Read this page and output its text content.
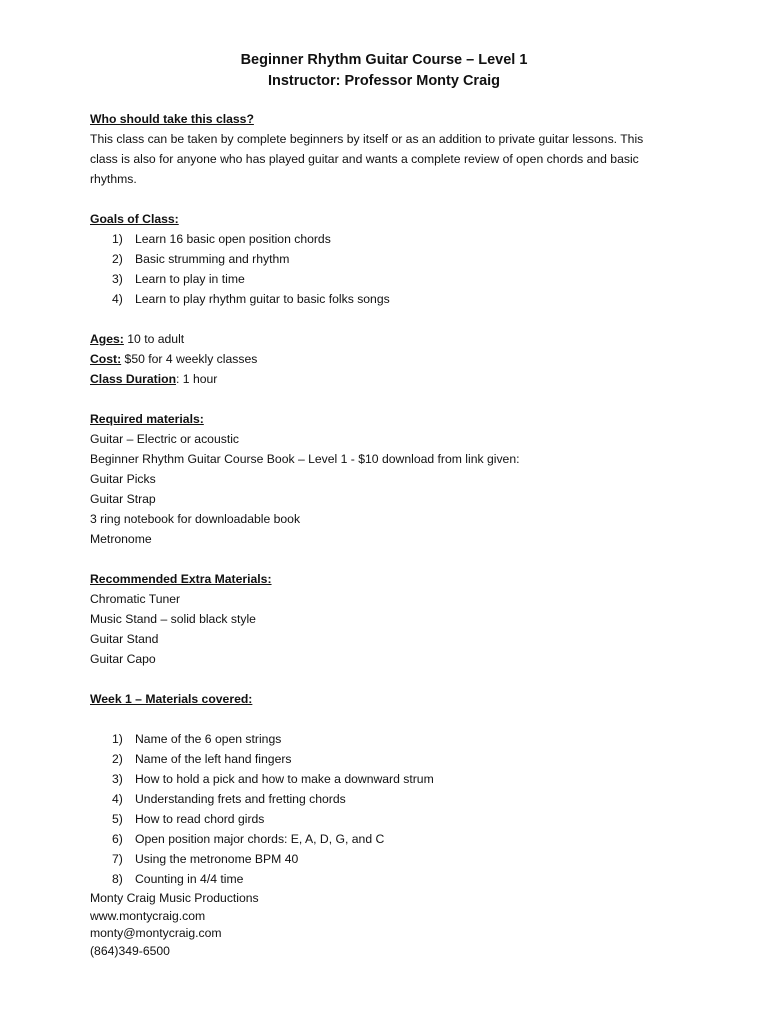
Beginner Rhythm Guitar Course – Level 1
Instructor: Professor Monty Craig
Who should take this class?
This class can be taken by complete beginners by itself or as an addition to private guitar lessons. This
class is also for anyone who has played guitar and wants a complete review of open chords and basic
rhythms.
Goals of Class:
1) Learn 16 basic open position chords
2) Basic strumming and rhythm
3) Learn to play in time
4) Learn to play rhythm guitar to basic folks songs
Ages: 10 to adult
Cost: $50 for 4 weekly classes
Class Duration: 1 hour
Required materials:
Guitar – Electric or acoustic
Beginner Rhythm Guitar Course Book – Level 1 - $10 download from link given:
Guitar Picks
Guitar Strap
3 ring notebook for downloadable book
Metronome
Recommended Extra Materials:
Chromatic Tuner
Music Stand – solid black style
Guitar Stand
Guitar Capo
Week 1 – Materials covered:
1) Name of the 6 open strings
2) Name of the left hand fingers
3) How to hold a pick and how to make a downward strum
4) Understanding frets and fretting chords
5) How to read chord girds
6) Open position major chords: E, A, D, G, and C
7) Using the metronome BPM 40
8) Counting in 4/4 time
Monty Craig Music Productions
www.montycraig.com
monty@montycraig.com
(864)349-6500
